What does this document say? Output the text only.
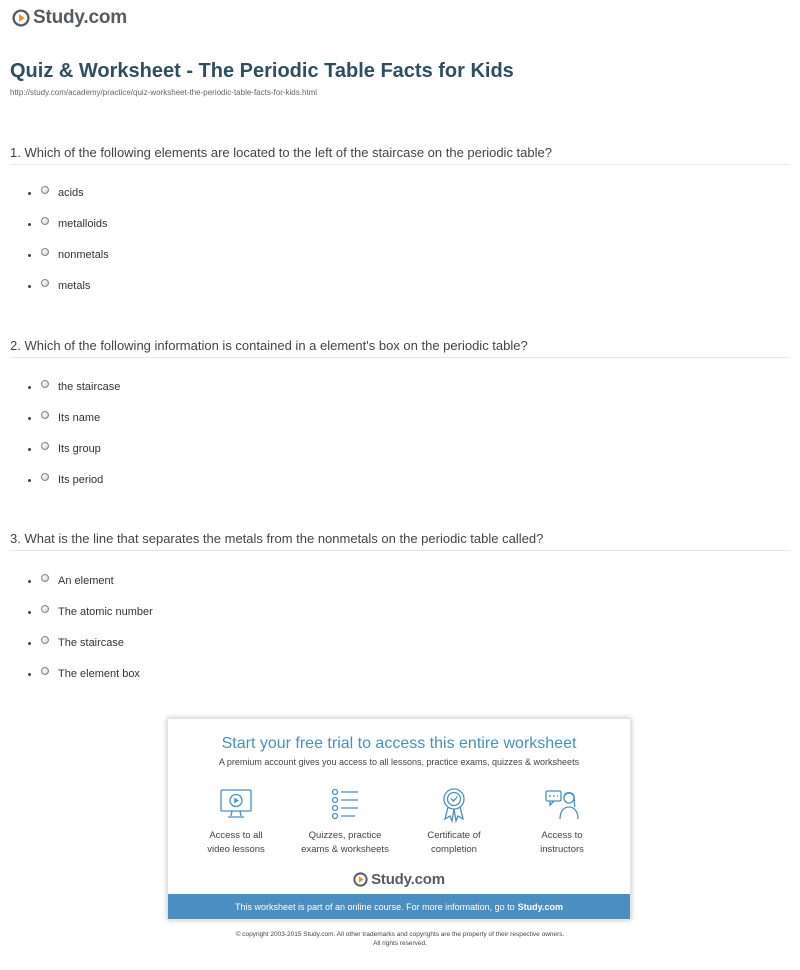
Study.com
Quiz & Worksheet - The Periodic Table Facts for Kids
http://study.com/academy/practice/quiz-worksheet-the-periodic-table-facts-for-kids.html
1. Which of the following elements are located to the left of the staircase on the periodic table?
acids
metalloids
nonmetals
metals
2. Which of the following information is contained in a element's box on the periodic table?
the staircase
Its name
Its group
Its period
3. What is the line that separates the metals from the nonmetals on the periodic table called?
An element
The atomic number
The staircase
The element box
Start your free trial to access this entire worksheet
A premium account gives you access to all lessons, practice exams, quizzes & worksheets
Access to all
video lessons
Quizzes, practice
exams & worksheets
Certificate of
completion
Access to
instructors
Study.com
This worksheet is part of an online course. For more information, go to Study.com
© copyright 2003-2015 Study.com. All other trademarks and copyrights are the property of their respective owners.
All rights reserved.
